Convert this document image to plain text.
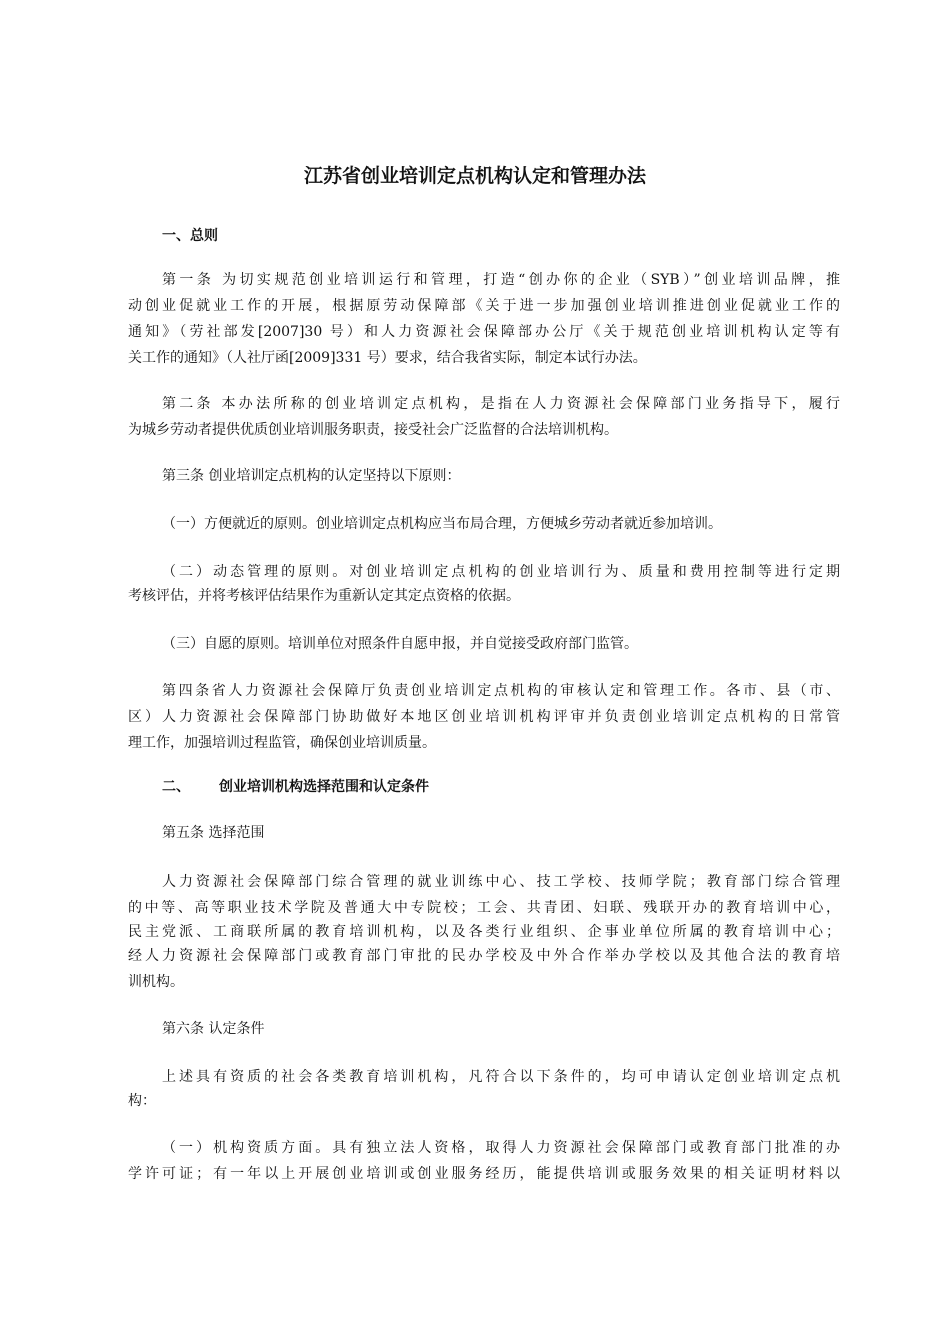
江苏省创业培训定点机构认定和管理办法
一、总则
第一条 为切实规范创业培训运行和管理，打造“创办你的企业（SYB）”创业培训品牌，推
动创业促就业工作的开展，根据原劳动保障部《关于进一步加强创业培训推进创业促就业工作的
通知》（劳社部发[2007]30 号）和人力资源社会保障部办公厅《关于规范创业培训机构认定等有
关工作的通知》（人社厅函[2009]331 号）要求，结合我省实际，制定本试行办法。
第二条 本办法所称的创业培训定点机构，是指在人力资源社会保障部门业务指导下，履行
为城乡劳动者提供优质创业培训服务职责，接受社会广泛监督的合法培训机构。
第三条 创业培训定点机构的认定坚持以下原则：
（一）方便就近的原则。创业培训定点机构应当布局合理，方便城乡劳动者就近参加培训。
（二）动态管理的原则。对创业培训定点机构的创业培训行为、质量和费用控制等进行定期
考核评估，并将考核评估结果作为重新认定其定点资格的依据。
（三）自愿的原则。培训单位对照条件自愿申报，并自觉接受政府部门监管。
第四条省人力资源社会保障厅负责创业培训定点机构的审核认定和管理工作。各市、县（市、
区）人力资源社会保障部门协助做好本地区创业培训机构评审并负责创业培训定点机构的日常管
理工作，加强培训过程监管，确保创业培训质量。
二、 创业培训机构选择范围和认定条件
第五条 选择范围
人力资源社会保障部门综合管理的就业训练中心、技工学校、技师学院；教育部门综合管理
的中等、高等职业技术学院及普通大中专院校；工会、共青团、妇联、残联开办的教育培训中心，
民主党派、工商联所属的教育培训机构，以及各类行业组织、企事业单位所属的教育培训中心；
经人力资源社会保障部门或教育部门审批的民办学校及中外合作举办学校以及其他合法的教育培
训机构。
第六条 认定条件
上述具有资质的社会各类教育培训机构，凡符合以下条件的，均可申请认定创业培训定点机
构：
（一）机构资质方面。具有独立法人资格，取得人力资源社会保障部门或教育部门批准的办
学许可证；有一年以上开展创业培训或创业服务经历，能提供培训或服务效果的相关证明材料以
